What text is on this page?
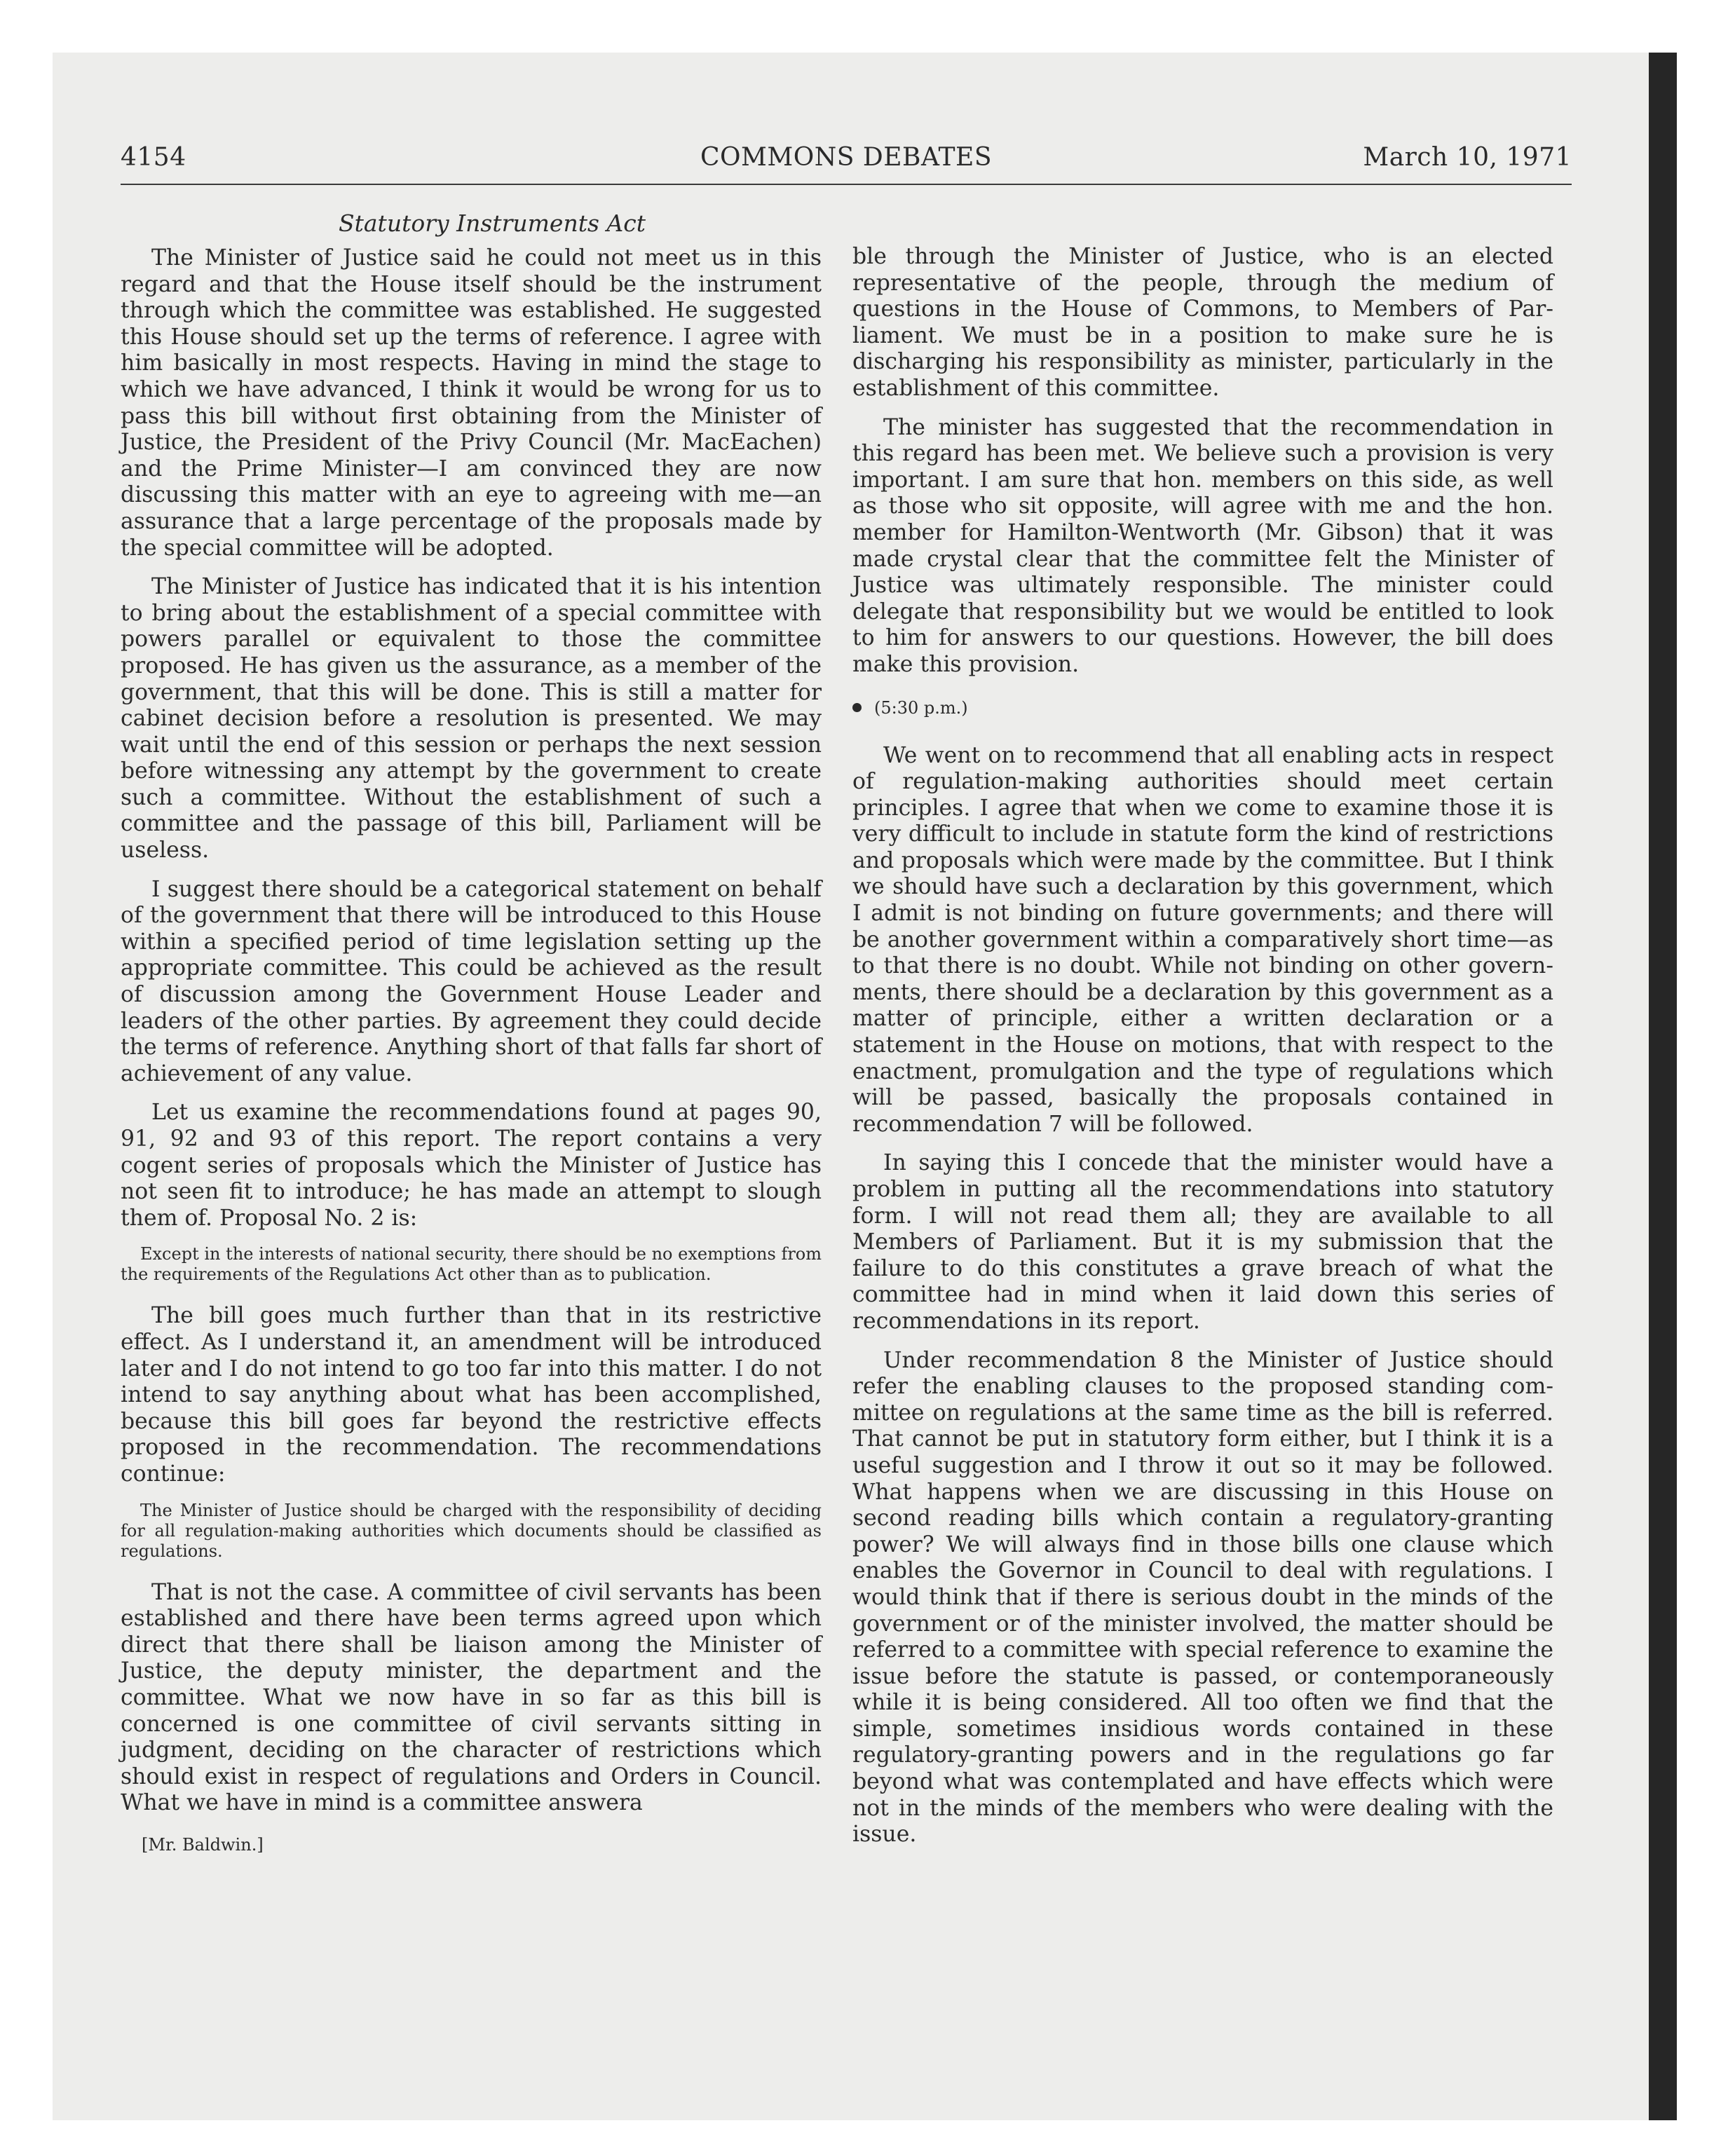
4154	COMMONS DEBATES	March 10, 1971
Statutory Instruments Act

The Minister of Justice said he could not meet us in this regard and that the House itself should be the instrument through which the committee was established. He suggested this House should set up the terms of reference. I agree with him basically in most respects. Having in mind the stage to which we have advanced, I think it would be wrong for us to pass this bill without first obtaining from the Minister of Justice, the President of the Privy Council (Mr. MacEachen) and the Prime Minister—I am convinced they are now discussing this matter with an eye to agreeing with me—an assurance that a large percentage of the proposals made by the special committee will be adopted.

The Minister of Justice has indicated that it is his intention to bring about the establishment of a special committee with powers parallel or equivalent to those the committee proposed. He has given us the assurance, as a member of the government, that this will be done. This is still a matter for cabinet decision before a resolution is presented. We may wait until the end of this session or perhaps the next session before witnessing any attempt by the government to create such a committee. Without the establishment of such a committee and the passage of this bill, Parliament will be useless.

I suggest there should be a categorical statement on behalf of the government that there will be introduced to this House within a specified period of time legislation setting up the appropriate committee. This could be achieved as the result of discussion among the Government House Leader and leaders of the other parties. By agreement they could decide the terms of reference. Anything short of that falls far short of achievement of any value.

Let us examine the recommendations found at pages 90, 91, 92 and 93 of this report. The report contains a very cogent series of proposals which the Minister of Justice has not seen fit to introduce; he has made an attempt to slough them of. Proposal No. 2 is:

Except in the interests of national security, there should be no exemptions from the requirements of the Regulations Act other than as to publication.

The bill goes much further than that in its restrictive effect. As I understand it, an amendment will be introduced later and I do not intend to go too far into this matter. I do not intend to say anything about what has been accomplished, because this bill goes far beyond the restrictive effects proposed in the recommendation. The recommendations continue:

The Minister of Justice should be charged with the responsibility of deciding for all regulation-making authorities which documents should be classified as regulations.

That is not the case. A committee of civil servants has been established and there have been terms agreed upon which direct that there shall be liaison among the Minister of Justice, the deputy minister, the department and the committee. What we now have in so far as this bill is concerned is one committee of civil servants sitting in judgment, deciding on the character of restrictions which should exist in respect of regulations and Orders in Council. What we have in mind is a committee answera

[Mr. Baldwin.]

ble through the Minister of Justice, who is an elected representative of the people, through the medium of questions in the House of Commons, to Members of Parliament. We must be in a position to make sure he is discharging his responsibility as minister, particularly in the establishment of this committee.

The minister has suggested that the recommendation in this regard has been met. We believe such a provision is very important. I am sure that hon. members on this side, as well as those who sit opposite, will agree with me and the hon. member for Hamilton-Wentworth (Mr. Gibson) that it was made crystal clear that the committee felt the Minister of Justice was ultimately responsible. The minister could delegate that responsibility but we would be entitled to look to him for answers to our questions. However, the bill does make this provision.

(5:30 p.m.)

We went on to recommend that all enabling acts in respect of regulation-making authorities should meet certain principles. I agree that when we come to examine those it is very difficult to include in statute form the kind of restrictions and proposals which were made by the committee. But I think we should have such a declaration by this government, which I admit is not binding on future governments; and there will be another government within a comparatively short time—as to that there is no doubt. While not binding on other governments, there should be a declaration by this government as a matter of principle, either a written declaration or a statement in the House on motions, that with respect to the enactment, promulgation and the type of regulations which will be passed, basically the proposals contained in recommendation 7 will be followed.

In saying this I concede that the minister would have a problem in putting all the recommendations into statutory form. I will not read them all; they are available to all Members of Parliament. But it is my submission that the failure to do this constitutes a grave breach of what the committee had in mind when it laid down this series of recommendations in its report.

Under recommendation 8 the Minister of Justice should refer the enabling clauses to the proposed standing committee on regulations at the same time as the bill is referred. That cannot be put in statutory form either, but I think it is a useful suggestion and I throw it out so it may be followed. What happens when we are discussing in this House on second reading bills which contain a regulatory-granting power? We will always find in those bills one clause which enables the Governor in Council to deal with regulations. I would think that if there is serious doubt in the minds of the government or of the minister involved, the matter should be referred to a committee with special reference to examine the issue before the statute is passed, or contemporaneously while it is being considered. All too often we find that the simple, sometimes insidious words contained in these regulatory-granting powers and in the regulations go far beyond what was contemplated and have effects which were not in the minds of the members who were dealing with the issue.
